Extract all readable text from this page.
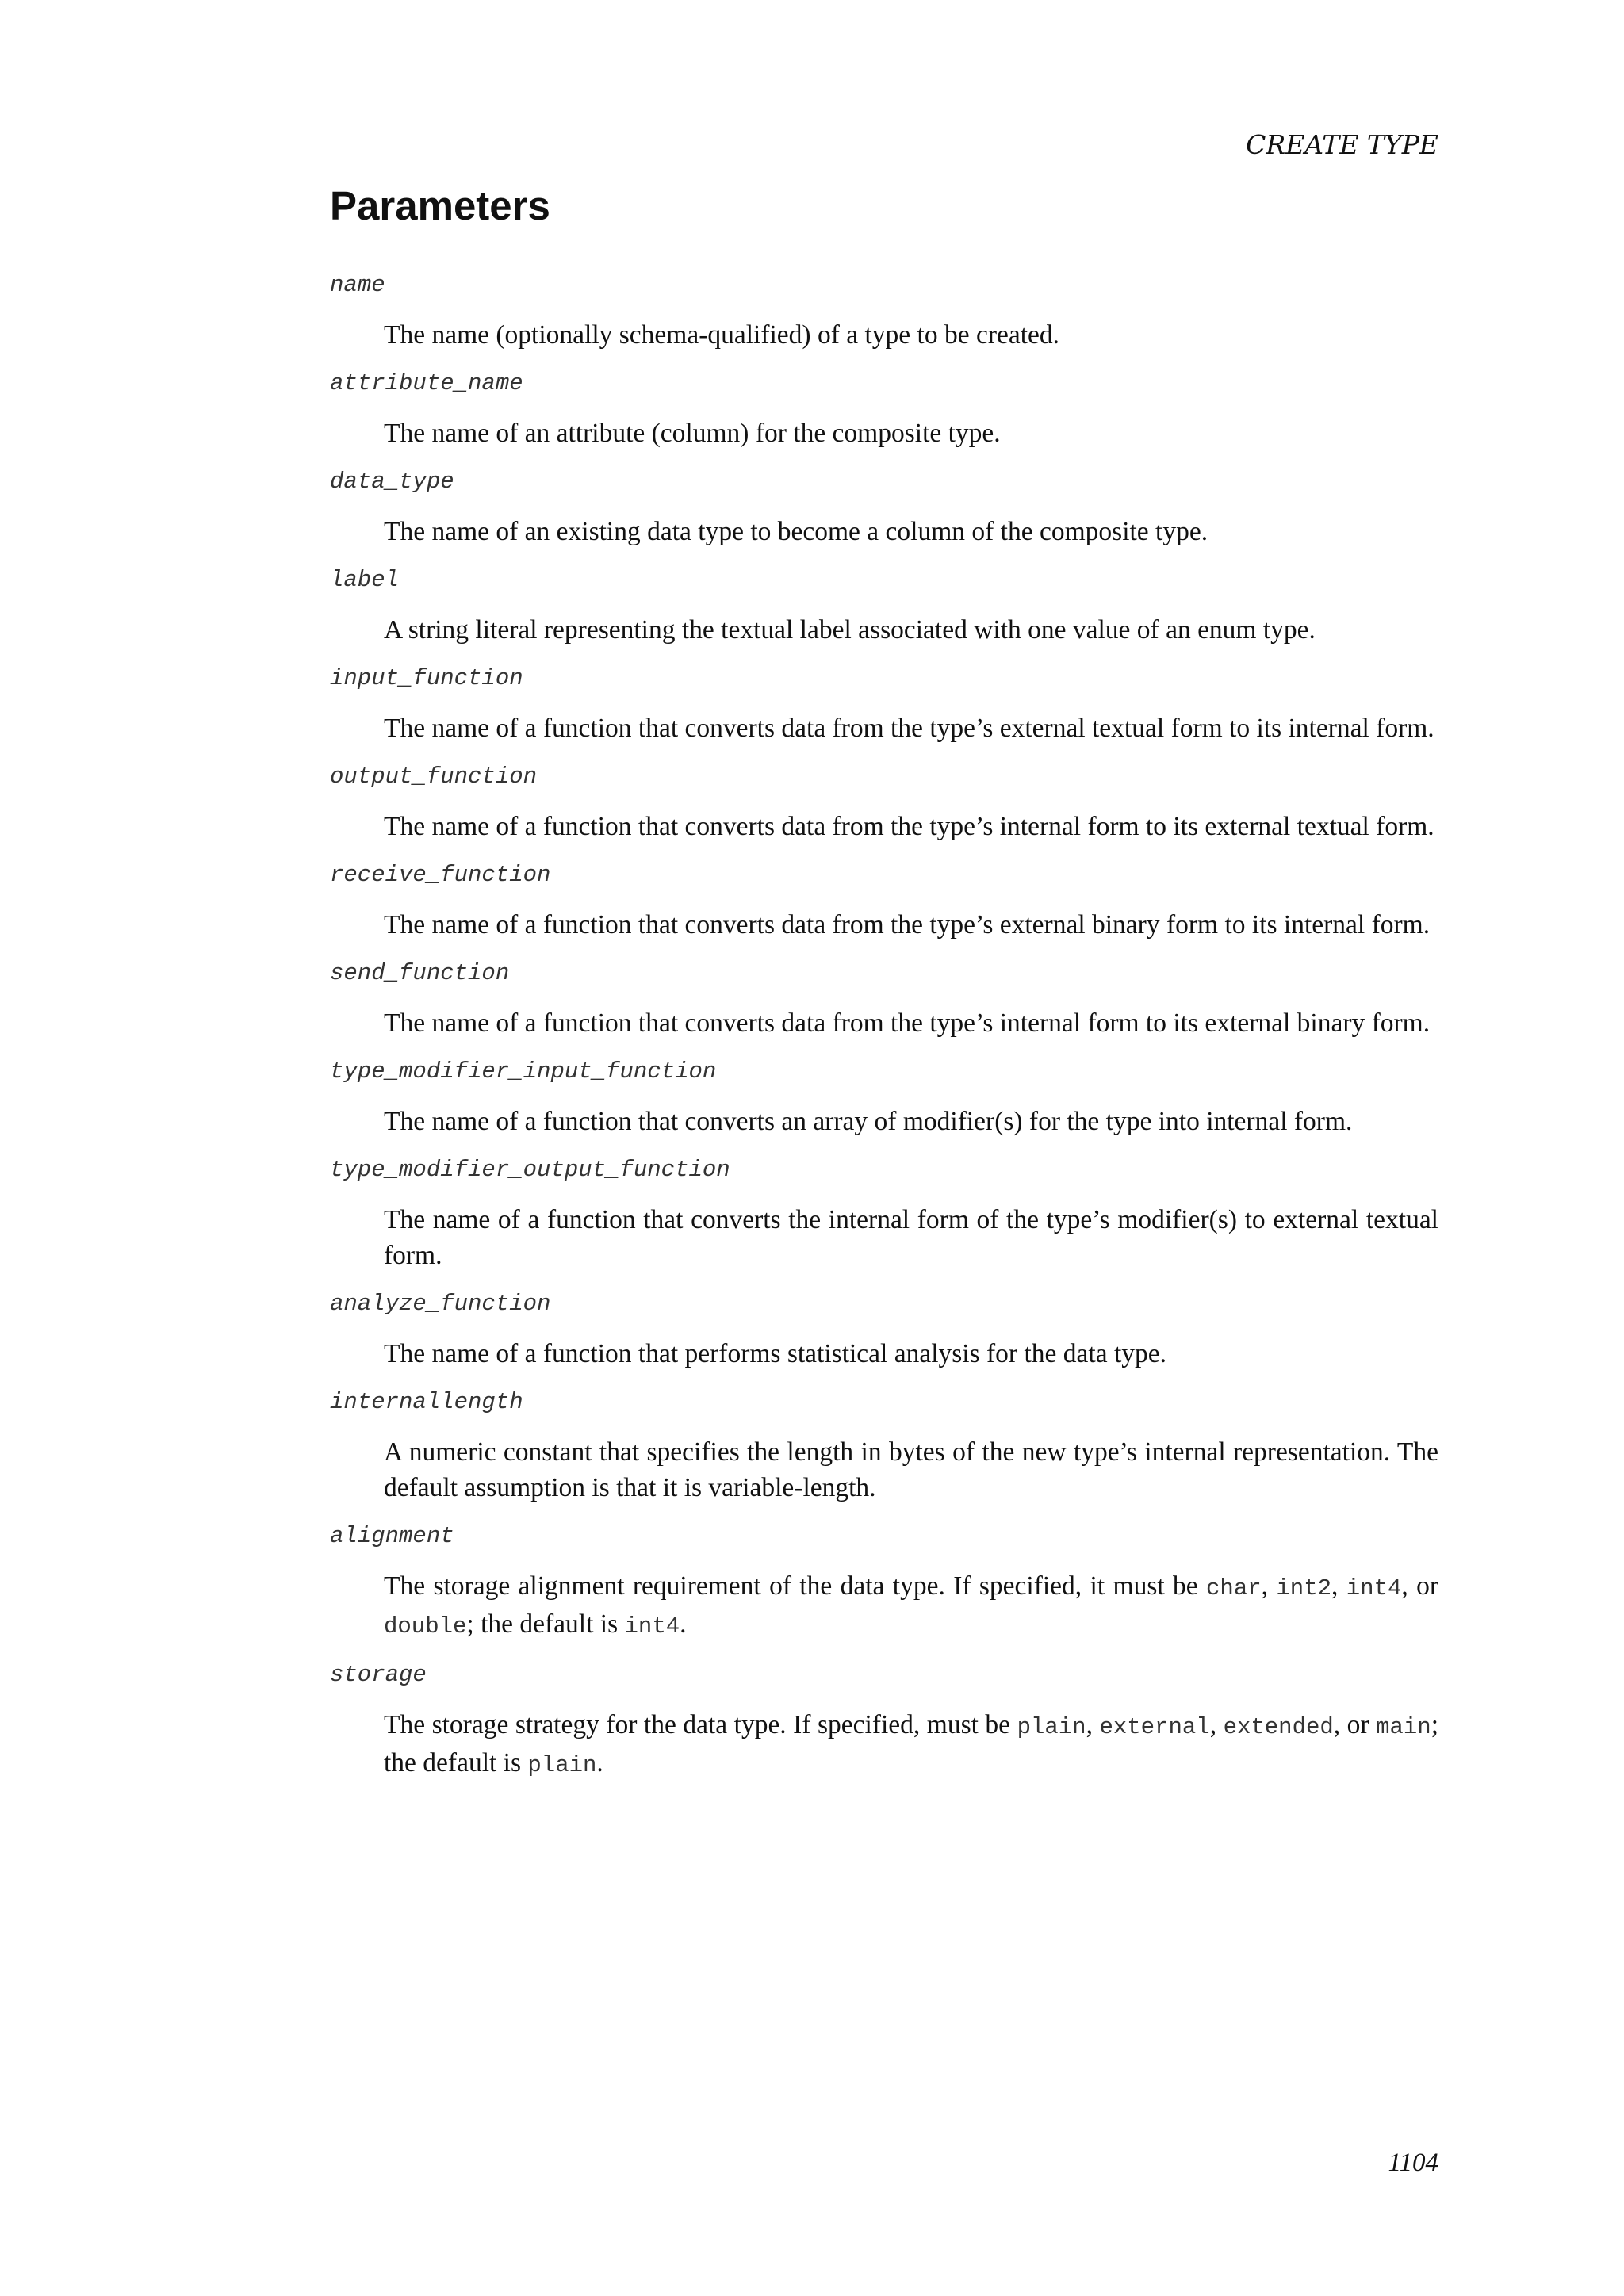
CREATE TYPE
Parameters
name
The name (optionally schema-qualified) of a type to be created.
attribute_name
The name of an attribute (column) for the composite type.
data_type
The name of an existing data type to become a column of the composite type.
label
A string literal representing the textual label associated with one value of an enum type.
input_function
The name of a function that converts data from the type’s external textual form to its internal form.
output_function
The name of a function that converts data from the type’s internal form to its external textual form.
receive_function
The name of a function that converts data from the type’s external binary form to its internal form.
send_function
The name of a function that converts data from the type’s internal form to its external binary form.
type_modifier_input_function
The name of a function that converts an array of modifier(s) for the type into internal form.
type_modifier_output_function
The name of a function that converts the internal form of the type’s modifier(s) to external textual form.
analyze_function
The name of a function that performs statistical analysis for the data type.
internallength
A numeric constant that specifies the length in bytes of the new type’s internal representation. The default assumption is that it is variable-length.
alignment
The storage alignment requirement of the data type. If specified, it must be char, int2, int4, or double; the default is int4.
storage
The storage strategy for the data type. If specified, must be plain, external, extended, or main; the default is plain.
1104
